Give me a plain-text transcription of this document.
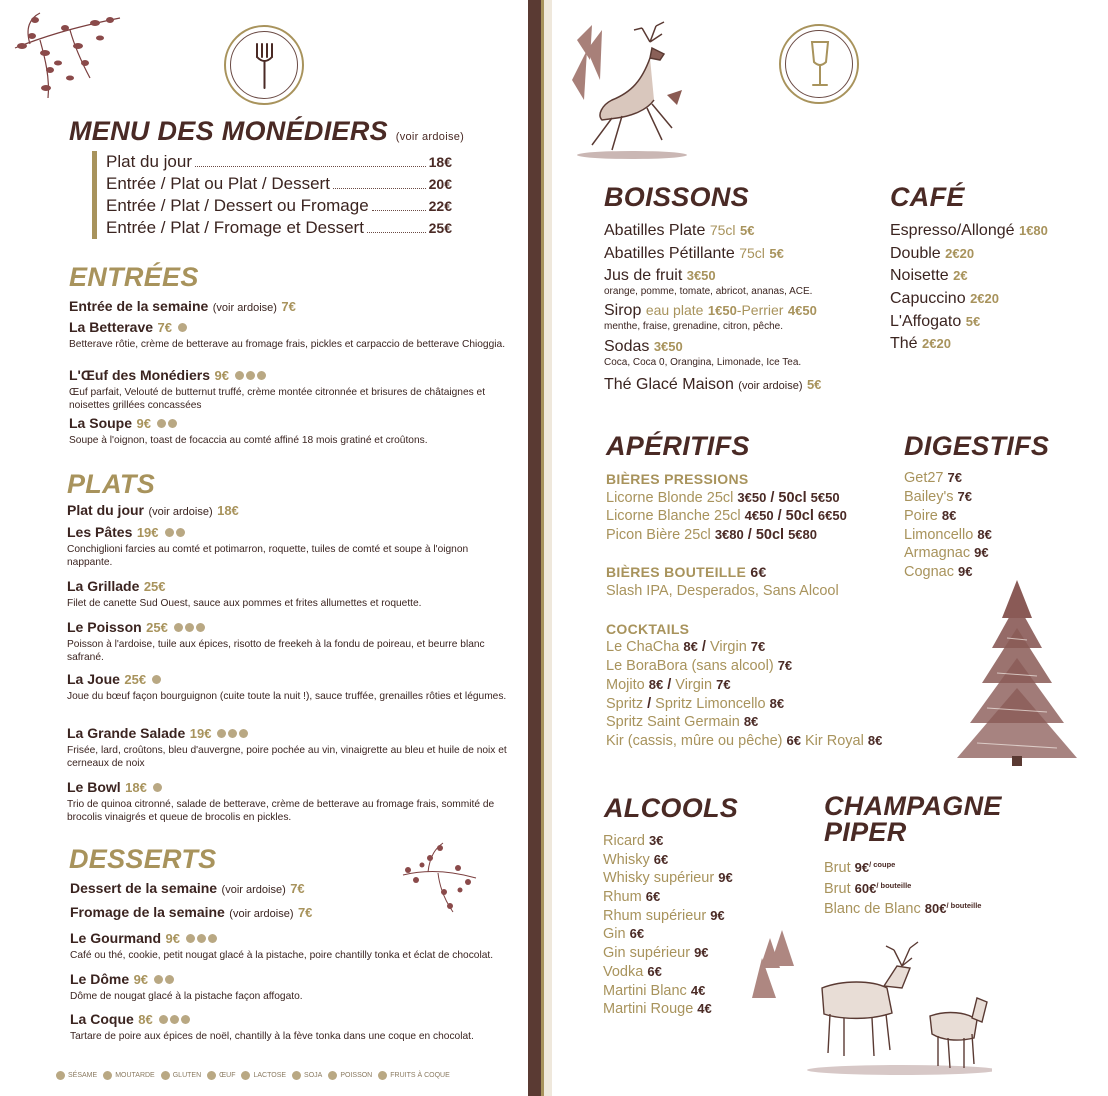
MENU DES MONÉDIERS (voir ardoise)
Plat du jour	18€
Entrée / Plat ou Plat / Dessert	20€
Entrée / Plat / Dessert ou Fromage	22€
Entrée / Plat / Fromage et Dessert	25€
ENTRÉES
Entrée de la semaine (voir ardoise) 7€
La Betterave 7€
Betterave rôtie, crème de betterave au fromage frais, pickles et carpaccio de betterave Chioggia.
L'Œuf des Monédiers 9€
Œuf parfait, Velouté de butternut truffé, crème montée citronnée et brisures de châtaignes et noisettes grillées concassées
La Soupe 9€
Soupe à l'oignon, toast de focaccia au comté affiné 18 mois gratiné et croûtons.
PLATS
Plat du jour (voir ardoise) 18€
Les Pâtes 19€
Conchiglioni farcies au comté et potimarron, roquette, tuiles de comté et soupe à l'oignon nappante.
La Grillade 25€
Filet de canette Sud Ouest, sauce aux pommes et frites allumettes et roquette.
Le Poisson 25€
Poisson à l'ardoise, tuile aux épices, risotto de freekeh à la fondu de poireau, et beurre blanc safrané.
La Joue 25€
Joue du bœuf façon bourguignon (cuite toute la nuit !), sauce truffée, grenailles rôties et légumes.
La Grande Salade 19€
Frisée, lard, croûtons, bleu d'auvergne, poire pochée au vin, vinaigrette au bleu et huile de noix et cerneaux de noix
Le Bowl 18€
Trio de quinoa citronné, salade de betterave, crème de betterave au fromage frais, sommité de brocolis vinaigrés et queue de brocolis en pickles.
DESSERTS
Dessert de la semaine (voir ardoise) 7€
Fromage de la semaine (voir ardoise) 7€
Le Gourmand 9€
Café ou thé, cookie, petit nougat glacé à la pistache, poire chantilly tonka et éclat de chocolat.
Le Dôme 9€
Dôme de nougat glacé à la pistache façon affogato.
La Coque 8€
Tartare de poire aux épices de noël, chantilly à la fève tonka dans une coque en chocolat.
SÉSAME	MOUTARDE	GLUTEN	ŒUF	LACTOSE	SOJA	POISSON	FRUITS À COQUE
BOISSONS
Abatilles Plate 75cl 5€
Abatilles Pétillante 75cl 5€
Jus de fruit 3€50
orange, pomme, tomate, abricot, ananas, ACE.
Sirop eau plate 1€50-Perrier 4€50
menthe, fraise, grenadine, citron, pêche.
Sodas 3€50
Coca, Coca 0, Orangina, Limonade, Ice Tea.
Thé Glacé Maison (voir ardoise) 5€
CAFÉ
Espresso/Allongé 1€80
Double 2€20
Noisette 2€
Capuccino 2€20
L'Affogato 5€
Thé 2€20
APÉRITIFS
BIÈRES PRESSIONS
Licorne Blonde 25cl 3€50 / 50cl 5€50
Licorne Blanche 25cl 4€50 / 50cl 6€50
Picon Bière 25cl 3€80 / 50cl 5€80
BIÈRES BOUTEILLE 6€
Slash IPA, Desperados, Sans Alcool
COCKTAILS
Le ChaCha 8€ / Virgin 7€
Le BoraBora (sans alcool) 7€
Mojito 8€ / Virgin 7€
Spritz / Spritz Limoncello 8€
Spritz Saint Germain 8€
Kir (cassis, mûre ou pêche) 6€ Kir Royal 8€
DIGESTIFS
Get27 7€
Bailey's 7€
Poire 8€
Limoncello 8€
Armagnac 9€
Cognac 9€
ALCOOLS
Ricard 3€
Whisky 6€
Whisky supérieur 9€
Rhum 6€
Rhum supérieur 9€
Gin 6€
Gin supérieur 9€
Vodka 6€
Martini Blanc 4€
Martini Rouge 4€
CHAMPAGNE
PIPER
Brut 9€$^{/ coupe}$
Brut 60€$^{/ bouteille}$
Blanc de Blanc 80€$^{/ bouteille}$
